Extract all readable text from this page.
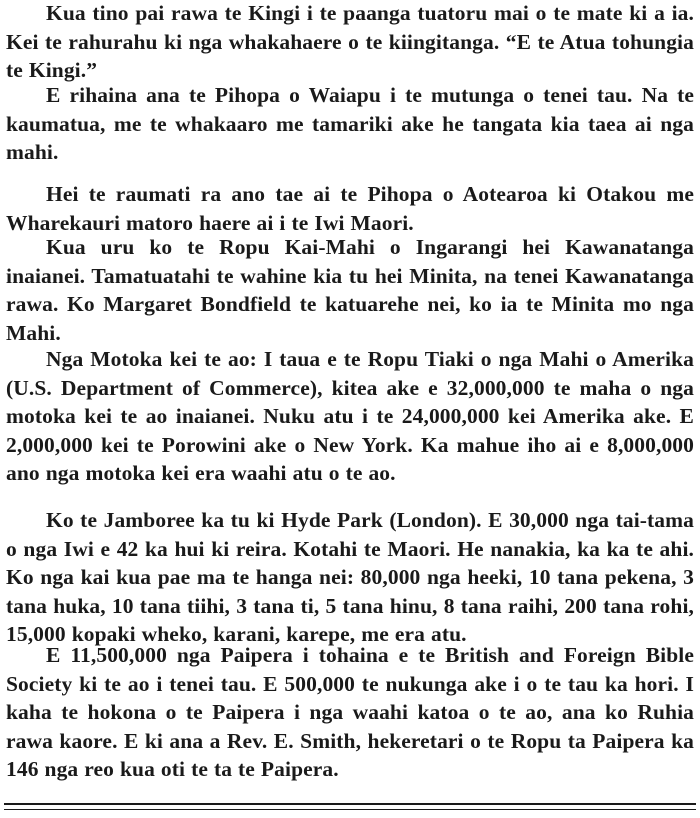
Kua tino pai rawa te Kingi i te paanga tuatoru mai o te mate ki a ia. Kei te rahurahu ki nga whakahaere o te kiingitanga. “E te Atua tohungia te Kingi.”

E rihaina ana te Pihopa o Waiapu i te mutunga o tenei tau. Na te kaumatua, me te whakaaro me tamariki ake he tangata kia taea ai nga mahi.

Hei te raumati ra ano tae ai te Pihopa o Aotearoa ki Otakou me Wharekauri matoro haere ai i te Iwi Maori.

Kua uru ko te Ropu Kai-Mahi o Ingarangi hei Kawanatanga inaianei. Tamatuatahi te wahine kia tu hei Minita, na tenei Kawanatanga rawa. Ko Margaret Bondfield te katuarehe nei, ko ia te Minita mo nga Mahi.

Nga Motoka kei te ao: I taua e te Ropu Tiaki o nga Mahi o Amerika (U.S. Department of Commerce), kitea ake e 32,000,000 te maha o nga motoka kei te ao inaianei. Nuku atu i te 24,000,000 kei Amerika ake. E 2,000,000 kei te Porowini ake o New York. Ka mahue iho ai e 8,000,000 ano nga motoka kei era waahi atu o te ao.

Ko te Jamboree ka tu ki Hyde Park (London). E 30,000 nga tai-tama o nga Iwi e 42 ka hui ki reira. Kotahi te Maori. He nanakia, ka ka te ahi. Ko nga kai kua pae ma te hanga nei: 80,000 nga heeki, 10 tana pekena, 3 tana huka, 10 tana tiihi, 3 tana ti, 5 tana hinu, 8 tana raihi, 200 tana rohi, 15,000 kopaki wheko, karani, karepe, me era atu.

E 11,500,000 nga Paipera i tohaina e te British and Foreign Bible Society ki te ao i tenei tau. E 500,000 te nukunga ake i o te tau ka hori. I kaha te hokona o te Paipera i nga waahi katoa o te ao, ana ko Ruhia rawa kaore. E ki ana a Rev. E. Smith, hekeretari o te Ropu ta Paipera ka 146 nga reo kua oti te ta te Paipera.
